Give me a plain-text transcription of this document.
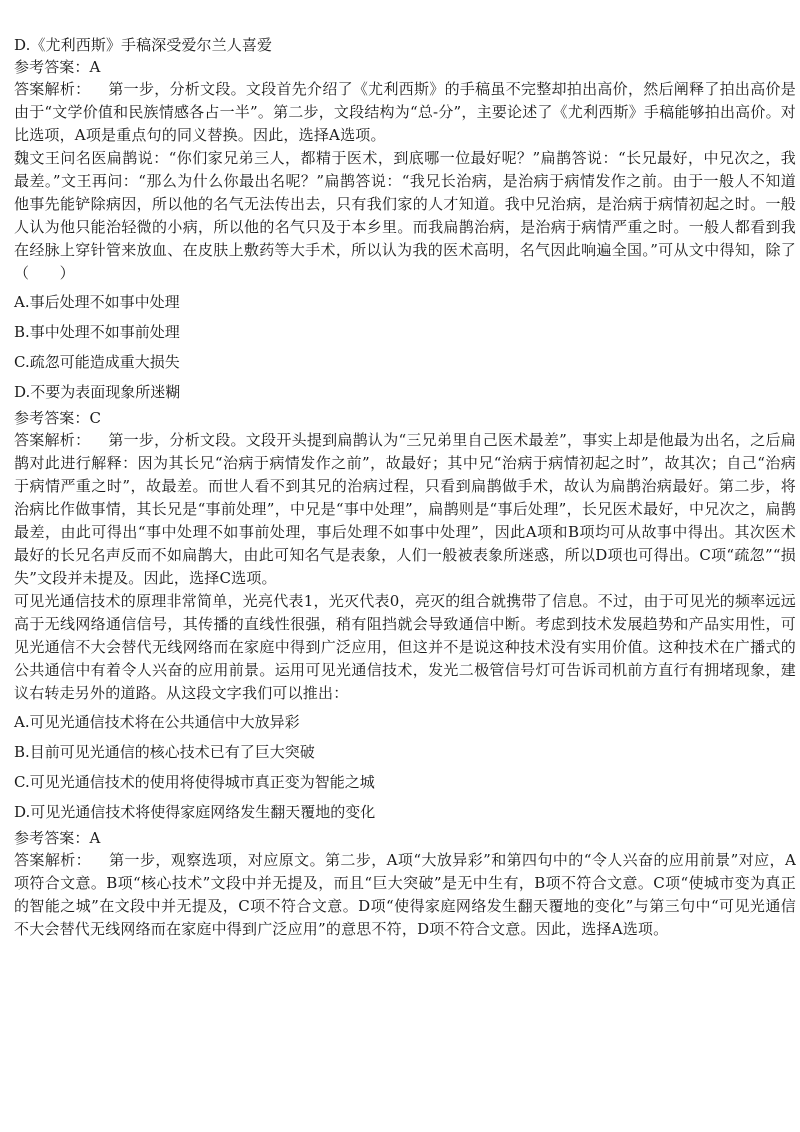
D.《尤利西斯》手稿深受爱尔兰人喜爱
参考答案：A

答案解析： 第一步，分析文段。文段首先介绍了《尤利西斯》的手稿虽不完整却拍出高价，然后阐释了拍出高价是由于“文学价值和民族情感各占一半”。第二步，文段结构为“总-分”，主要论述了《尤利西斯》手稿能够拍出高价。对比选项，A项是重点句的同义替换。因此，选择A选项。

魏文王问名医扁鹊说：“你们家兄弟三人，都精于医术，到底哪一位最好呢？”扁鹊答说：“长兄最好，中兄次之，我最差。”文王再问：“那么为什么你最出名呢？”扁鹊答说：“我兄长治病，是治病于病情发作之前。由于一般人不知道他事先能铲除病因，所以他的名气无法传出去，只有我们家的人才知道。我中兄治病，是治病于病情初起之时。一般人认为他只能治轻微的小病，所以他的名气只及于本乡里。而我扁鹊治病，是治病于病情严重之时。一般人都看到我在经脉上穿针管来放血、在皮肤上敷药等大手术，所以认为我的医术高明，名气因此响遍全国。”可从文中得知，除了（　　）

A.事后处理不如事中处理
B.事中处理不如事前处理
C.疏忽可能造成重大损失
D.不要为表面现象所迷糊
参考答案：C

答案解析： 第一步，分析文段。文段开头提到扁鹊认为“三兄弟里自己医术最差”，事实上却是他最为出名，之后扁鹊对此进行解释：因为其长兄“治病于病情发作之前”，故最好；其中兄“治病于病情初起之时”，故其次；自己“治病于病情严重之时”，故最差。而世人看不到其兄的治病过程，只看到扁鹊做手术，故认为扁鹊治病最好。第二步，将治病比作做事情，其长兄是“事前处理”，中兄是“事中处理”，扁鹊则是“事后处理”，长兄医术最好，中兄次之，扁鹊最差，由此可得出“事中处理不如事前处理，事后处理不如事中处理”，因此A项和B项均可从故事中得出。其次医术最好的长兄名声反而不如扁鹊大，由此可知名气是表象，人们一般被表象所迷惑，所以D项也可得出。C项“疏忽”“损失”文段并未提及。因此，选择C选项。

可见光通信技术的原理非常简单，光亮代表1，光灭代表0，亮灭的组合就携带了信息。不过，由于可见光的频率远远高于无线网络通信信号，其传播的直线性很强，稍有阻挡就会导致通信中断。考虑到技术发展趋势和产品实用性，可见光通信不大会替代无线网络而在家庭中得到广泛应用，但这并不是说这种技术没有实用价值。这种技术在广播式的公共通信中有着令人兴奋的应用前景。运用可见光通信技术，发光二极管信号灯可告诉司机前方直行有拥堵现象，建议右转走另外的道路。从这段文字我们可以推出：

A.可见光通信技术将在公共通信中大放异彩
B.目前可见光通信的核心技术已有了巨大突破
C.可见光通信技术的使用将使得城市真正变为智能之城
D.可见光通信技术将使得家庭网络发生翻天覆地的变化
参考答案：A

答案解析： 第一步，观察选项，对应原文。第二步，A项“大放异彩”和第四句中的“令人兴奋的应用前景”对应，A项符合文意。B项“核心技术”文段中并无提及，而且“巨大突破”是无中生有，B项不符合文意。C项“使城市变为真正的智能之城”在文段中并无提及，C项不符合文意。D项“使得家庭网络发生翻天覆地的变化”与第三句中“可见光通信不大会替代无线网络而在家庭中得到广泛应用”的意思不符，D项不符合文意。因此，选择A选项。
